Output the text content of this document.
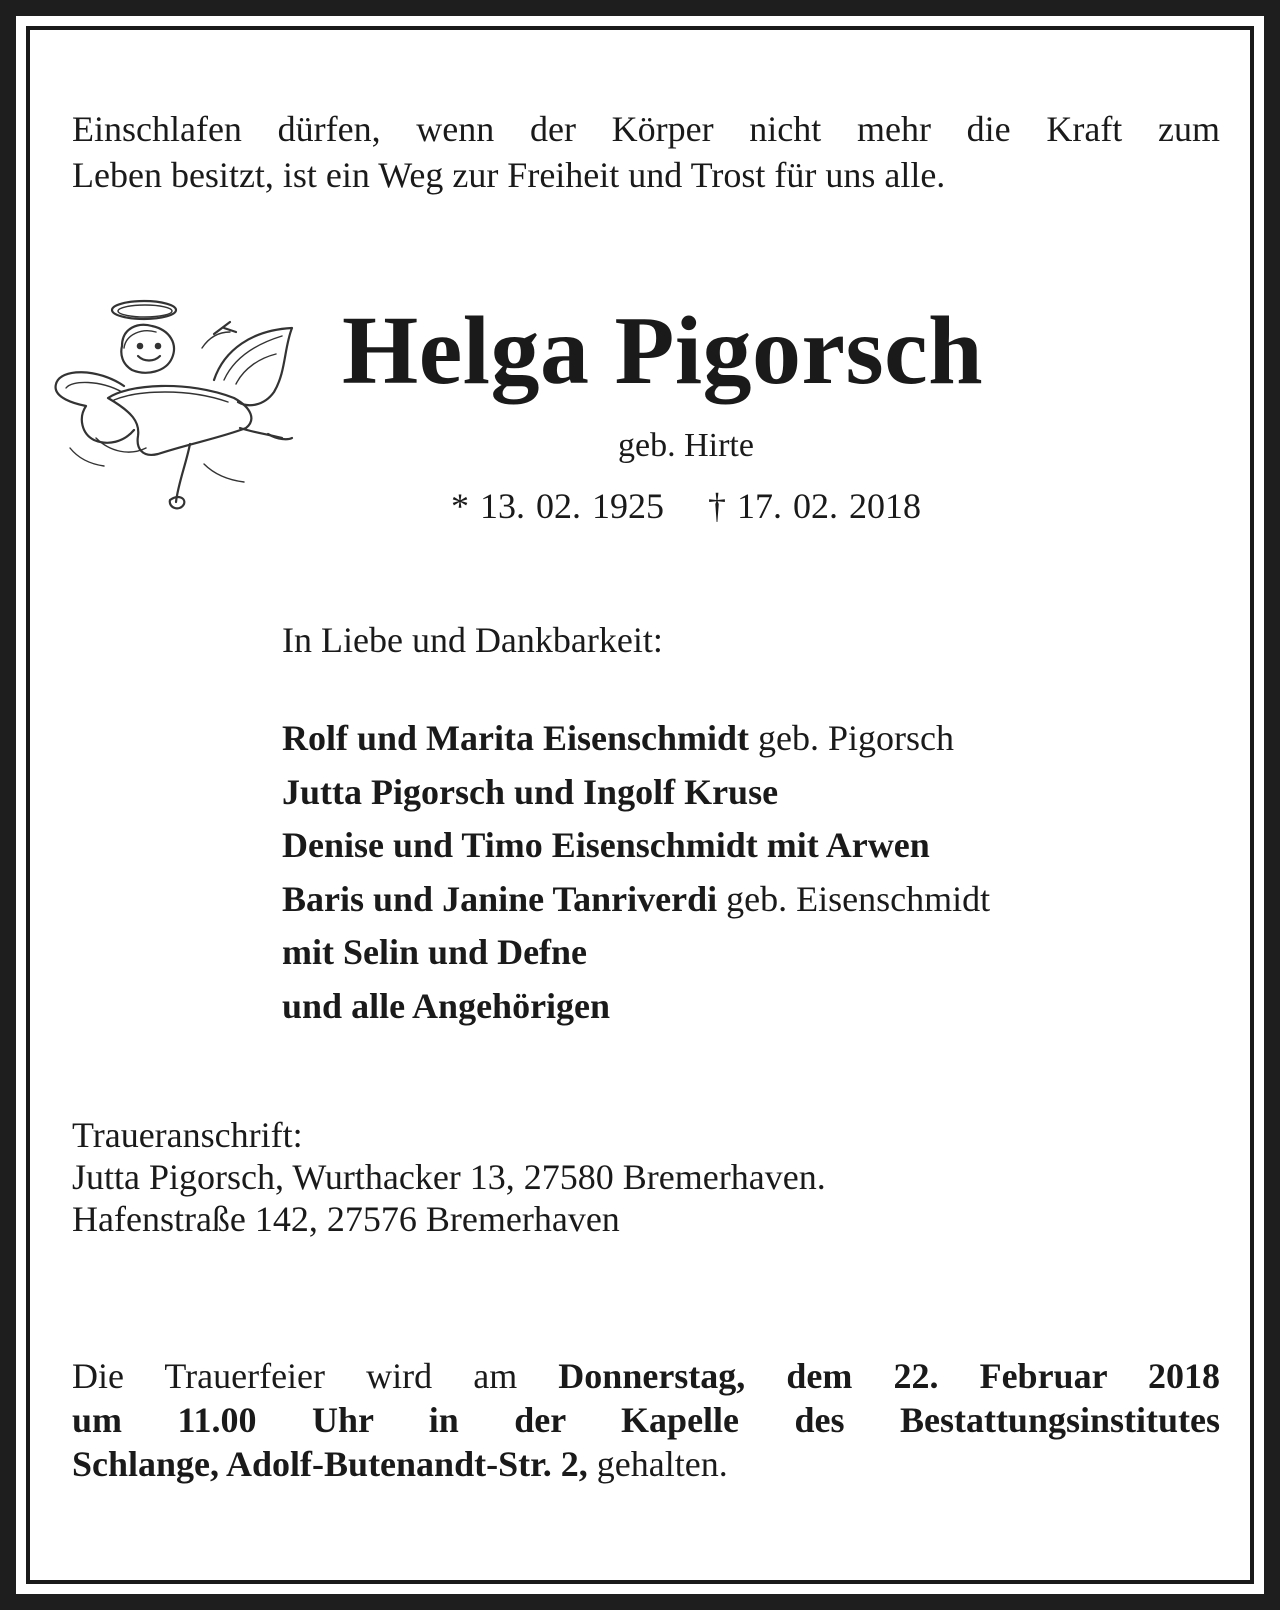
Einschlafen dürfen, wenn der Körper nicht mehr die Kraft zum
Leben besitzt, ist ein Weg zur Freiheit und Trost für uns alle.
Helga Pigorsch

geb. Hirte

* 13. 02. 1925 † 17. 02. 2018

In Liebe und Dankbarkeit:

Rolf und Marita Eisenschmidt geb. Pigorsch
Jutta Pigorsch und Ingolf Kruse
Denise und Timo Eisenschmidt mit Arwen
Baris und Janine Tanriverdi geb. Eisenschmidt
mit Selin und Defne
und alle Angehörigen
Traueranschrift:
Jutta Pigorsch, Wurthacker 13, 27580 Bremerhaven.
Hafenstraße 142, 27576 Bremerhaven
Die Trauerfeier wird am Donnerstag, dem 22. Februar 2018
um 11.00 Uhr in der Kapelle des Bestattungsinstitutes
Schlange, Adolf-Butenandt-Str. 2, gehalten.
